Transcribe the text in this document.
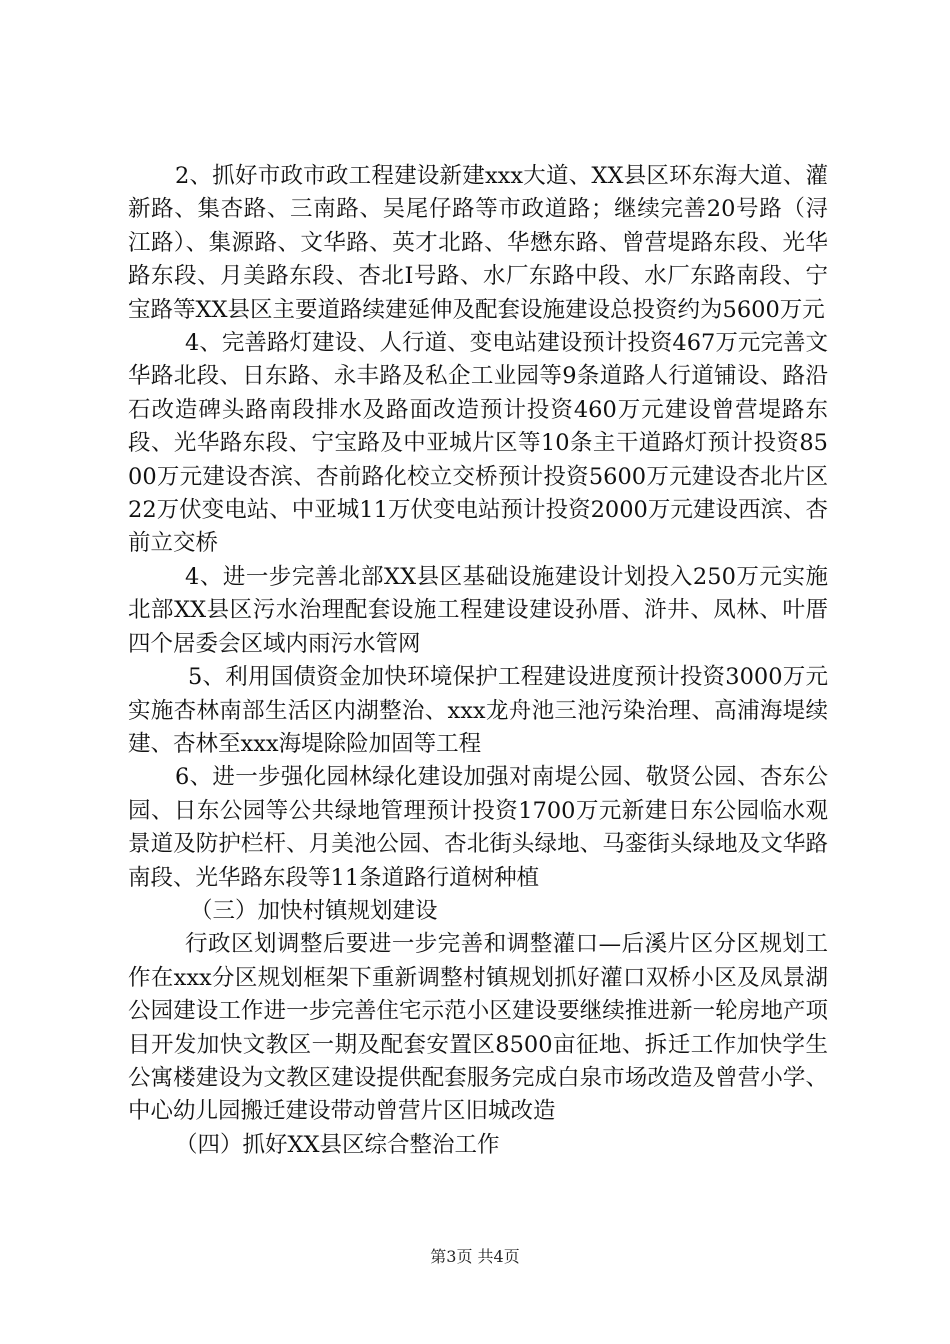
2、抓好市政市政工程建设新建xxx大道、XX县区环东海大道、灌新路、集杏路、三南路、吴尾仔路等市政道路；继续完善20号路（浔江路）、集源路、文华路、英才北路、华懋东路、曾营堤路东段、光华路东段、月美路东段、杏北Ⅰ号路、水厂东路中段、水厂东路南段、宁宝路等XX县区主要道路续建延伸及配套设施建设总投资约为5600万元

4、完善路灯建设、人行道、变电站建设预计投资467万元完善文华路北段、日东路、永丰路及私企工业园等9条道路人行道铺设、路沿石改造碑头路南段排水及路面改造预计投资460万元建设曾营堤路东段、光华路东段、宁宝路及中亚城片区等10条主干道路灯预计投资8500万元建设杏滨、杏前路化校立交桥预计投资5600万元建设杏北片区22万伏变电站、中亚城11万伏变电站预计投资2000万元建设西滨、杏前立交桥

4、进一步完善北部XX县区基础设施建设计划投入250万元实施北部XX县区污水治理配套设施工程建设建设孙厝、浒井、凤林、叶厝四个居委会区域内雨污水管网

5、利用国债资金加快环境保护工程建设进度预计投资3000万元实施杏林南部生活区内湖整治、xxx龙舟池三池污染治理、高浦海堤续建、杏林至xxx海堤除险加固等工程

6、进一步强化园林绿化建设加强对南堤公园、敬贤公园、杏东公园、日东公园等公共绿地管理预计投资1700万元新建日东公园临水观景道及防护栏杆、月美池公园、杏北街头绿地、马銮街头绿地及文华路南段、光华路东段等11条道路行道树种植

（三）加快村镇规划建设

行政区划调整后要进一步完善和调整灌口—后溪片区分区规划工作在xxx分区规划框架下重新调整村镇规划抓好灌口双桥小区及凤景湖公园建设工作进一步完善住宅示范小区建设要继续推进新一轮房地产项目开发加快文教区一期及配套安置区8500亩征地、拆迁工作加快学生公寓楼建设为文教区建设提供配套服务完成白泉市场改造及曾营小学、中心幼儿园搬迁建设带动曾营片区旧城改造

（四）抓好XX县区综合整治工作

第3页 共4页
